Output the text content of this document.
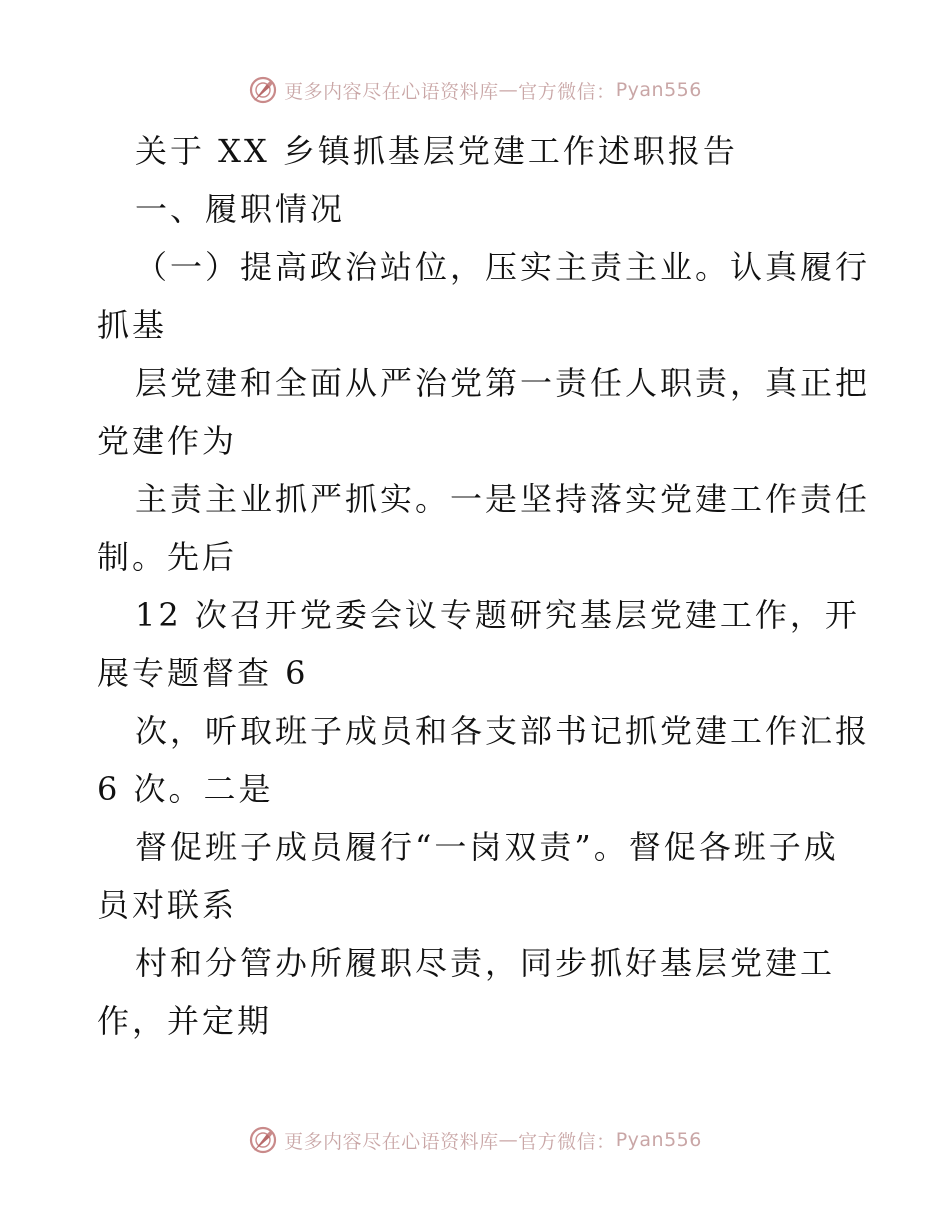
更多内容尽在心语资料库 — 官方微信： Pyan556
关于 XX 乡镇抓基层党建工作述职报告
一、履职情况
（一）提高政治站位，压实主责主业。认真履行
抓基
层党建和全面从严治党第一责任人职责，真正把
党建作为
主责主业抓严抓实。一是坚持落实党建工作责任
制。先后
12 次召开党委会议专题研究基层党建工作，开
展专题督查 6
次，听取班子成员和各支部书记抓党建工作汇报
6 次。二是
督促班子成员履行“一岗双责”。督促各班子成
员对联系
村和分管办所履职尽责，同步抓好基层党建工
作，并定期
更多内容尽在心语资料库 — 官方微信： Pyan556
